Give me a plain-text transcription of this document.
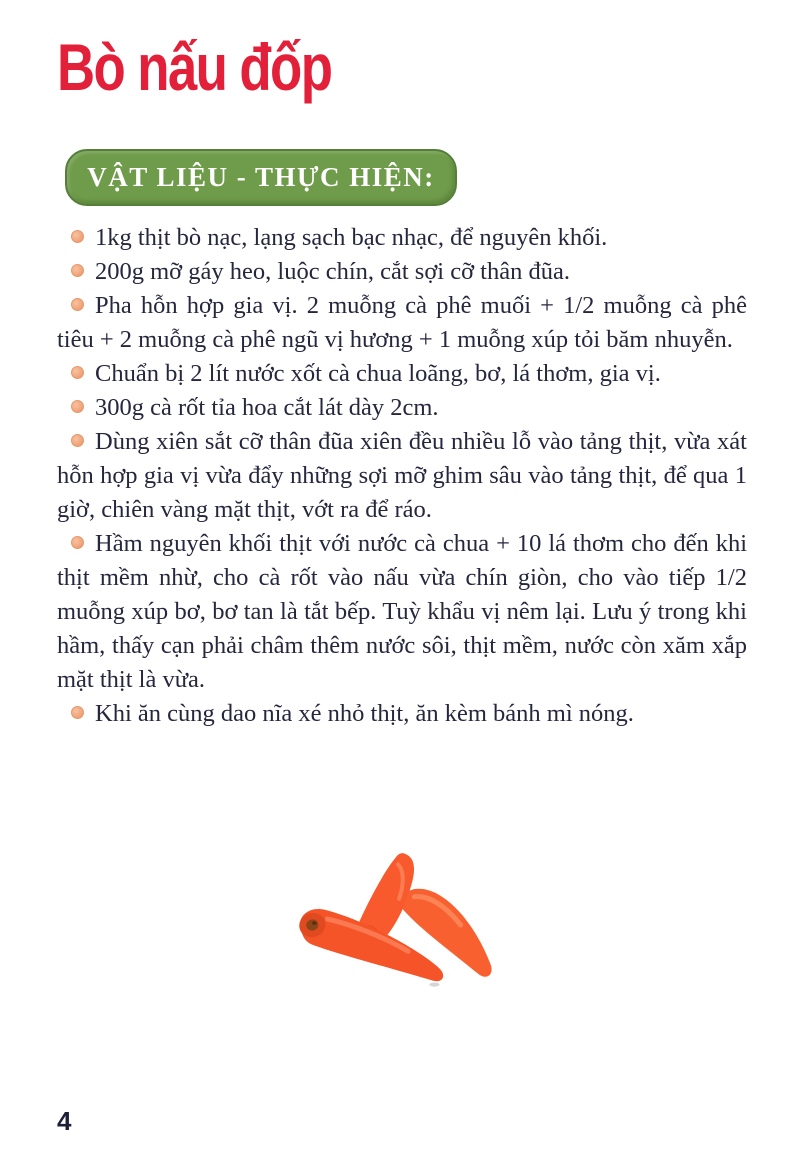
Bò nấu đốp
VẬT LIỆU - THỰC HIỆN:

1kg thịt bò nạc, lạng sạch bạc nhạc, để nguyên khối.

200g mỡ gáy heo, luộc chín, cắt sợi cỡ thân đũa.

Pha hỗn hợp gia vị. 2 muỗng cà phê muối + 1/2 muỗng cà phê tiêu + 2 muỗng cà phê ngũ vị hương + 1 muỗng xúp tỏi băm nhuyễn.

Chuẩn bị 2 lít nước xốt cà chua loãng, bơ, lá thơm, gia vị.

300g cà rốt tỉa hoa cắt lát dày 2cm.

Dùng xiên sắt cỡ thân đũa xiên đều nhiều lỗ vào tảng thịt, vừa xát hỗn hợp gia vị vừa đẩy những sợi mỡ ghim sâu vào tảng thịt, để qua 1 giờ, chiên vàng mặt thịt, vớt ra để ráo.

Hầm nguyên khối thịt với nước cà chua + 10 lá thơm cho đến khi thịt mềm nhừ, cho cà rốt vào nấu vừa chín giòn, cho vào tiếp 1/2 muỗng xúp bơ, bơ tan là tắt bếp. Tuỳ khẩu vị nêm lại. Lưu ý trong khi hầm, thấy cạn phải châm thêm nước sôi, thịt mềm, nước còn xăm xắp mặt thịt là vừa.

Khi ăn cùng dao nĩa xé nhỏ thịt, ăn kèm bánh mì nóng.

4
